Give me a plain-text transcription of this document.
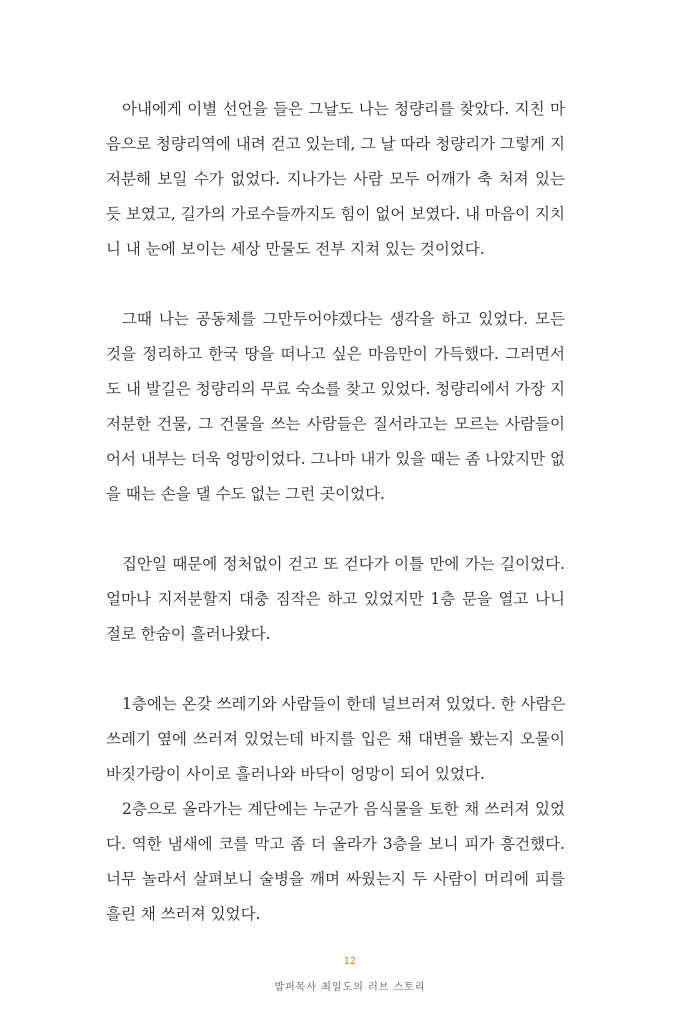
아내에게 이별 선언을 들은 그날도 나는 청량리를 찾았다. 지친 마
음으로 청량리역에 내려 걷고 있는데, 그 날 따라 청량리가 그렇게 지
저분해 보일 수가 없었다. 지나가는 사람 모두 어깨가 축 처져 있는
듯 보였고, 길가의 가로수들까지도 힘이 없어 보였다. 내 마음이 지치
니 내 눈에 보이는 세상 만물도 전부 지쳐 있는 것이었다.
그때 나는 공동체를 그만두어야겠다는 생각을 하고 있었다. 모든
것을 정리하고 한국 땅을 떠나고 싶은 마음만이 가득했다. 그러면서
도 내 발길은 청량리의 무료 숙소를 찾고 있었다. 청량리에서 가장 지
저분한 건물, 그 건물을 쓰는 사람들은 질서라고는 모르는 사람들이
어서 내부는 더욱 엉망이었다. 그나마 내가 있을 때는 좀 나았지만 없
을 때는 손을 댈 수도 없는 그런 곳이었다.
집안일 때문에 정처없이 걷고 또 걷다가 이틀 만에 가는 길이었다.
얼마나 지저분할지 대충 짐작은 하고 있었지만 1층 문을 열고 나니
절로 한숨이 흘러나왔다.
1층에는 온갖 쓰레기와 사람들이 한데 널브러져 있었다. 한 사람은
쓰레기 옆에 쓰러져 있었는데 바지를 입은 채 대변을 봤는지 오물이
바짓가랑이 사이로 흘러나와 바닥이 엉망이 되어 있었다.
2층으로 올라가는 계단에는 누군가 음식물을 토한 채 쓰러져 있었
다. 역한 냄새에 코를 막고 좀 더 올라가 3층을 보니 피가 흥건했다.
너무 놀라서 살펴보니 술병을 깨며 싸웠는지 두 사람이 머리에 피를
흘린 채 쓰러져 있었다.
12
밥퍼목사 최일도의 러브 스토리
